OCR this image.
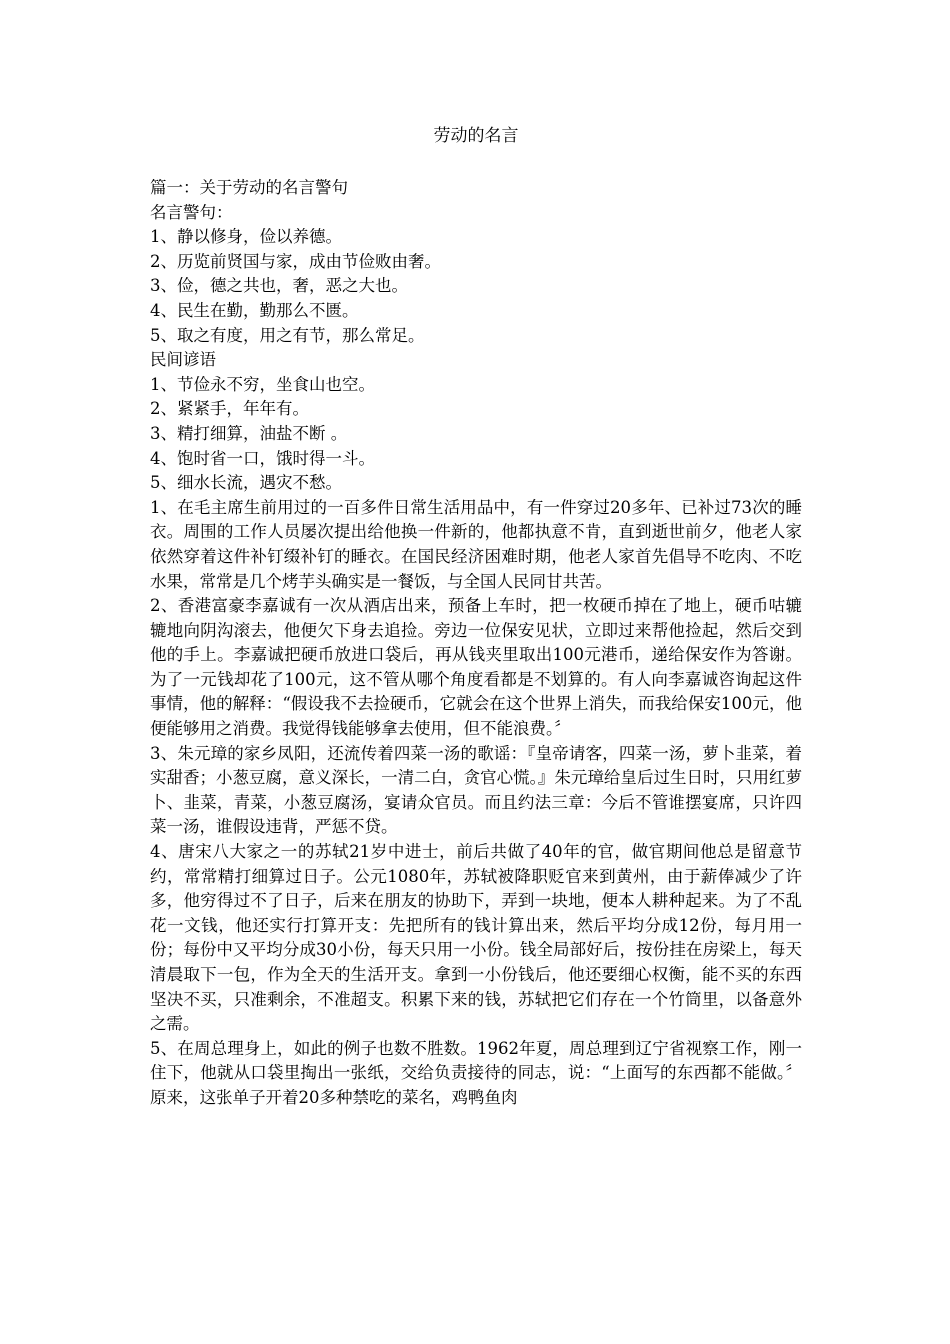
劳动的名言
篇一：关于劳动的名言警句
名言警句：
1、静以修身，俭以养德。
2、历览前贤国与家，成由节俭败由奢。
3、俭，德之共也，奢，恶之大也。
4、民生在勤，勤那么不匮。
5、取之有度，用之有节，那么常足。
民间谚语
1、节俭永不穷，坐食山也空。
2、紧紧手，年年有。
3、精打细算，油盐不断 。
4、饱时省一口，饿时得一斗。
5、细水长流，遇灾不愁。

1、在毛主席生前用过的一百多件日常生活用品中，有一件穿过20多年、已补过73次的睡衣。周围的工作人员屡次提出给他换一件新的，他都执意不肯，直到逝世前夕，他老人家依然穿着这件补钉缀补钉的睡衣。在国民经济困难时期，他老人家首先倡导不吃肉、不吃水果，常常是几个烤芋头确实是一餐饭，与全国人民同甘共苦。

2、香港富豪李嘉诚有一次从酒店出来，预备上车时，把一枚硬币掉在了地上，硬币咕辘辘地向阴沟滚去，他便欠下身去追捡。旁边一位保安见状，立即过来帮他捡起，然后交到他的手上。李嘉诚把硬币放进口袋后，再从钱夹里取出100元港币，递给保安作为答谢。 为了一元钱却花了100元，这不管从哪个角度看都是不划算的。有人向李嘉诚咨询起这件事情，他的解释：“假设我不去捡硬币，它就会在这个世界上消失，而我给保安100元，他便能够用之消费。我觉得钱能够拿去使用，但不能浪费。〞

3、朱元璋的家乡凤阳，还流传着四菜一汤的歌谣：『皇帝请客，四菜一汤，萝卜韭菜，着实甜香；小葱豆腐，意义深长，一清二白，贪官心慌。』朱元璋给皇后过生日时，只用红萝卜、韭菜，青菜，小葱豆腐汤，宴请众官员。而且约法三章：今后不管谁摆宴席，只许四菜一汤，谁假设违背，严惩不贷。

4、唐宋八大家之一的苏轼21岁中进士，前后共做了40年的官，做官期间他总是留意节约，常常精打细算过日子。公元1080年，苏轼被降职贬官来到黄州，由于薪俸减少了许多，他穷得过不了日子，后来在朋友的协助下，弄到一块地，便本人耕种起来。为了不乱花一文钱，他还实行打算开支：先把所有的钱计算出来，然后平均分成12份，每月用一份；每份中又平均分成30小份，每天只用一小份。钱全局部好后，按份挂在房梁上，每天清晨取下一包，作为全天的生活开支。拿到一小份钱后，他还要细心权衡，能不买的东西坚决不买，只准剩余，不准超支。积累下来的钱，苏轼把它们存在一个竹筒里，以备意外之需。

5、在周总理身上，如此的例子也数不胜数。1962年夏，周总理到辽宁省视察工作，刚一住下，他就从口袋里掏出一张纸，交给负责接待的同志，说：“上面写的东西都不能做。〞原来，这张单子开着20多种禁吃的菜名，鸡鸭鱼肉
